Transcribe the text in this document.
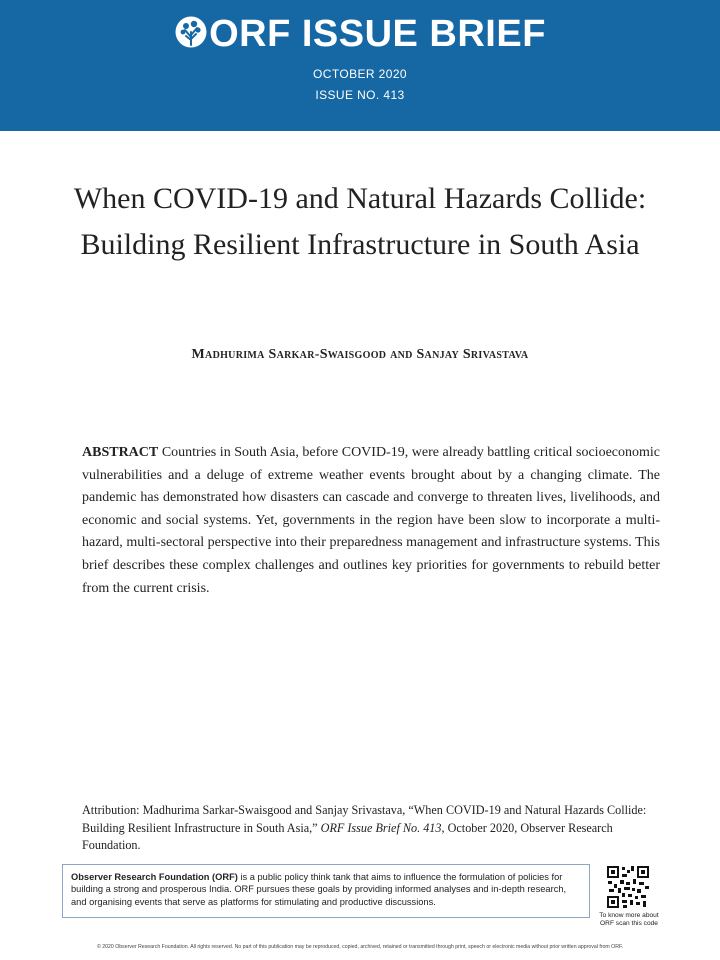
ORF ISSUE BRIEF
OCTOBER 2020
ISSUE NO. 413
When COVID-19 and Natural Hazards Collide: Building Resilient Infrastructure in South Asia
Madhurima Sarkar-Swaisgood and Sanjay Srivastava

ABSTRACT Countries in South Asia, before COVID-19, were already battling critical socioeconomic vulnerabilities and a deluge of extreme weather events brought about by a changing climate. The pandemic has demonstrated how disasters can cascade and converge to threaten lives, livelihoods, and economic and social systems. Yet, governments in the region have been slow to incorporate a multi-hazard, multi-sectoral perspective into their preparedness management and infrastructure systems. This brief describes these complex challenges and outlines key priorities for governments to rebuild better from the current crisis.

Attribution: Madhurima Sarkar-Swaisgood and Sanjay Srivastava, “When COVID-19 and Natural Hazards Collide: Building Resilient Infrastructure in South Asia,” ORF Issue Brief No. 413, October 2020, Observer Research Foundation.

Observer Research Foundation (ORF) is a public policy think tank that aims to influence the formulation of policies for building a strong and prosperous India. ORF pursues these goals by providing informed analyses and in-depth research, and organising events that serve as platforms for stimulating and productive discussions.
To know more about ORF scan this code
© 2020 Observer Research Foundation. All rights reserved. No part of this publication may be reproduced, copied, archived, retained or transmitted through print, speech or electronic media without prior written approval from ORF.
